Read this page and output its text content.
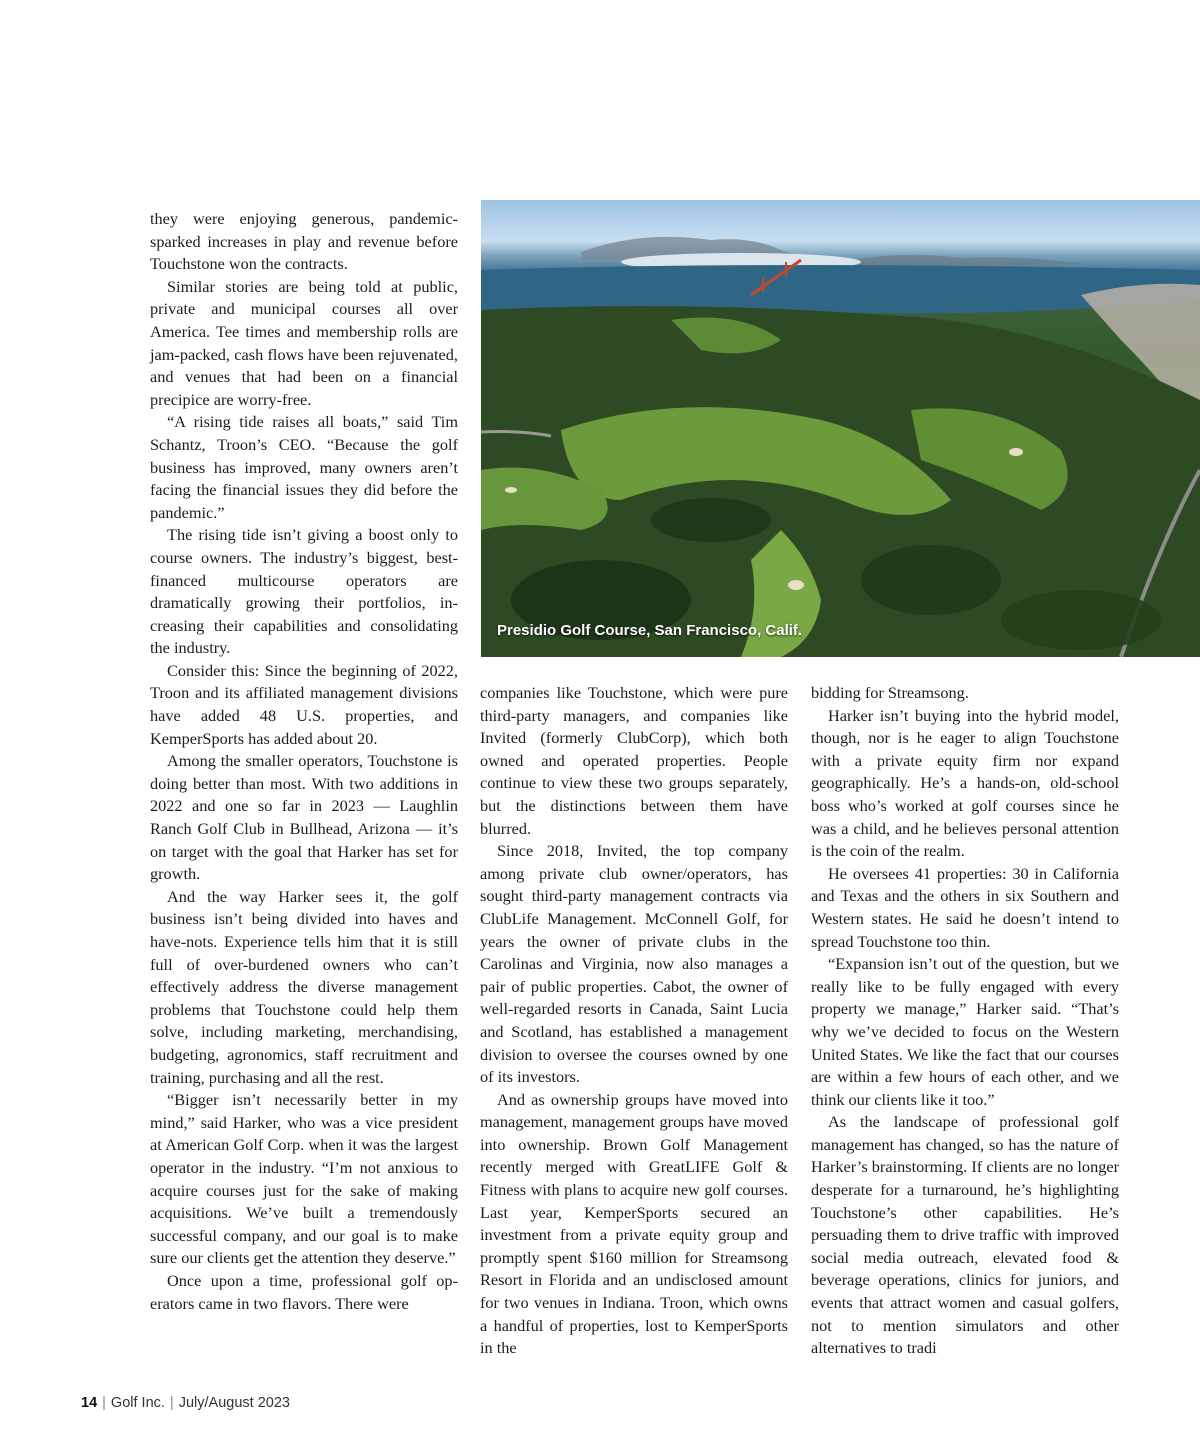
they were enjoying generous, pandemic-sparked increases in play and revenue before Touchstone won the contracts.

Similar stories are being told at public, private and municipal courses all over America. Tee times and membership rolls are jam-packed, cash flows have been rejuvenated, and venues that had been on a financial precipice are worry-free.

“A rising tide raises all boats,” said Tim Schantz, Troon’s CEO. “Because the golf business has improved, many owners aren’t facing the financial issues they did before the pandemic.”

The rising tide isn’t giving a boost only to course owners. The industry’s biggest, best-financed multicourse operators are dramatically growing their portfolios, increasing their capabilities and consolidating the industry.

Consider this: Since the beginning of 2022, Troon and its affiliated management divisions have added 48 U.S. properties, and KemperSports has added about 20.

Among the smaller operators, Touchstone is doing better than most. With two additions in 2022 and one so far in 2023 — Laughlin Ranch Golf Club in Bullhead, Arizona — it’s on target with the goal that Harker has set for growth.

And the way Harker sees it, the golf business isn’t being divided into haves and have-nots. Experience tells him that it is still full of over-burdened owners who can’t effectively address the diverse management problems that Touchstone could help them solve, including marketing, merchandising, budgeting, agronomics, staff recruitment and training, purchasing and all the rest.

“Bigger isn’t necessarily better in my mind,” said Harker, who was a vice president at American Golf Corp. when it was the largest operator in the industry. “I’m not anxious to acquire courses just for the sake of making acquisitions. We’ve built a tremendously successful company, and our goal is to make sure our clients get the attention they deserve.”

Once upon a time, professional golf operators came in two flavors. There were

Presidio Golf Course, San Francisco, Calif.

companies like Touchstone, which were pure third-party managers, and companies like Invited (formerly ClubCorp), which both owned and operated properties. People continue to view these two groups separately, but the distinctions between them have blurred.

Since 2018, Invited, the top company among private club owner/operators, has sought third-party management contracts via ClubLife Management. McConnell Golf, for years the owner of private clubs in the Carolinas and Virginia, now also manages a pair of public properties. Cabot, the owner of well-regarded resorts in Canada, Saint Lucia and Scotland, has established a management division to oversee the courses owned by one of its investors.

And as ownership groups have moved into management, management groups have moved into ownership. Brown Golf Management recently merged with GreatLIFE Golf & Fitness with plans to acquire new golf courses. Last year, KemperSports secured an investment from a private equity group and promptly spent $160 million for Streamsong Resort in Florida and an undisclosed amount for two venues in Indiana. Troon, which owns a handful of properties, lost to KemperSports in the

bidding for Streamsong.

Harker isn’t buying into the hybrid model, though, nor is he eager to align Touchstone with a private equity firm nor expand geographically. He’s a hands-on, old-school boss who’s worked at golf courses since he was a child, and he believes personal attention is the coin of the realm.

He oversees 41 properties: 30 in California and Texas and the others in six Southern and Western states. He said he doesn’t intend to spread Touchstone too thin.

“Expansion isn’t out of the question, but we really like to be fully engaged with every property we manage,” Harker said. “That’s why we’ve decided to focus on the Western United States. We like the fact that our courses are within a few hours of each other, and we think our clients like it too.”

As the landscape of professional golf management has changed, so has the nature of Harker’s brainstorming. If clients are no longer desperate for a turnaround, he’s highlighting Touchstone’s other capabilities. He’s persuading them to drive traffic with improved social media outreach, elevated food & beverage operations, clinics for juniors, and events that attract women and casual golfers, not to mention simulators and other alternatives to tradi

14 | Golf Inc. | July/August 2023
